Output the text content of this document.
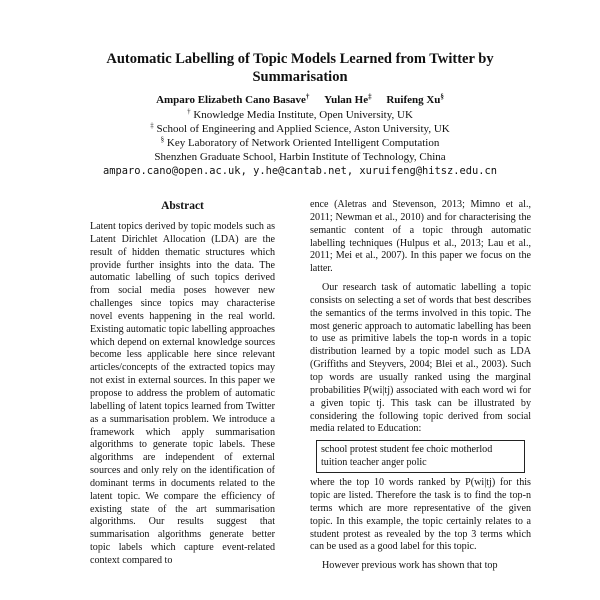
Automatic Labelling of Topic Models Learned from Twitter by Summarisation
Amparo Elizabeth Cano Basave† Yulan He‡ Ruifeng Xu§
† Knowledge Media Institute, Open University, UK
‡ School of Engineering and Applied Science, Aston University, UK
§ Key Laboratory of Network Oriented Intelligent Computation
Shenzhen Graduate School, Harbin Institute of Technology, China
amparo.cano@open.ac.uk, y.he@cantab.net, xuruifeng@hitsz.edu.cn
Abstract
Latent topics derived by topic models such as Latent Dirichlet Allocation (LDA) are the result of hidden thematic structures which provide further insights into the data. The automatic labelling of such topics derived from social media poses however new challenges since topics may characterise novel events happening in the real world. Existing automatic topic labelling approaches which depend on external knowledge sources become less applicable here since relevant articles/concepts of the extracted topics may not exist in external sources. In this paper we propose to address the problem of automatic labelling of latent topics learned from Twitter as a summarisation problem. We introduce a framework which apply summarisation algorithms to generate topic labels. These algorithms are independent of external sources and only rely on the identification of dominant terms in documents related to the latent topic. We compare the efficiency of existing state of the art summarisation algorithms. Our results suggest that summarisation algorithms generate better topic labels which capture event-related context compared to

ence (Aletras and Stevenson, 2013; Mimno et al., 2011; Newman et al., 2010) and for characterising the semantic content of a topic through automatic labelling techniques (Hulpus et al., 2013; Lau et al., 2011; Mei et al., 2007). In this paper we focus on the latter.

Our research task of automatic labelling a topic consists on selecting a set of words that best describes the semantics of the terms involved in this topic. The most generic approach to automatic labelling has been to use as primitive labels the top-n words in a topic distribution learned by a topic model such as LDA (Griffiths and Steyvers, 2004; Blei et al., 2003). Such top words are usually ranked using the marginal probabilities P(wi|tj) associated with each word wi for a given topic tj. This task can be illustrated by considering the following topic derived from social media related to Education:

school protest student fee choic motherlod tuition teacher anger polic

where the top 10 words ranked by P(wi|tj) for this topic are listed. Therefore the task is to find the top-n terms which are more representative of the given topic. In this example, the topic certainly relates to a student protest as revealed by the top 3 terms which can be used as a good label for this topic.

However previous work has shown that top
